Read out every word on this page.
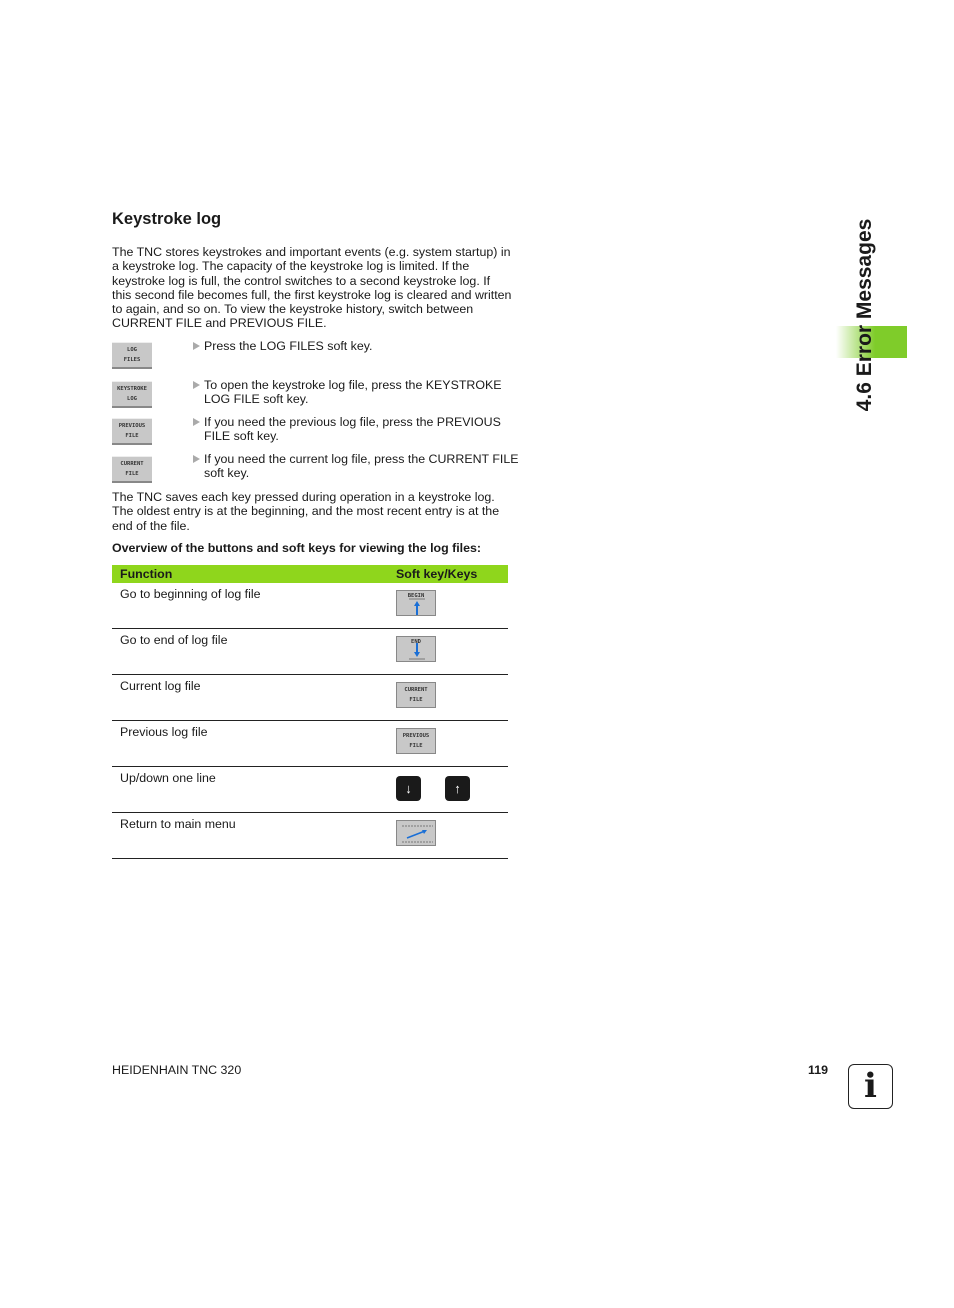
4.6 Error Messages
Keystroke log
The TNC stores keystrokes and important events (e.g. system startup) in a keystroke log. The capacity of the keystroke log is limited. If the keystroke log is full, the control switches to a second keystroke log. If this second file becomes full, the first keystroke log is cleared and written to again, and so on. To view the keystroke history, switch between CURRENT FILE and PREVIOUS FILE.
LOG
FILES
Press the LOG FILES soft key.
KEYSTROKE
LOG
To open the keystroke log file, press the KEYSTROKE LOG FILE soft key.
PREVIOUS
FILE
If you need the previous log file, press the PREVIOUS FILE soft key.
CURRENT
FILE
If you need the current log file, press the CURRENT FILE soft key.
The TNC saves each key pressed during operation in a keystroke log. The oldest entry is at the beginning, and the most recent entry is at the end of the file.
Overview of the buttons and soft keys for viewing the log files:
Function	Soft key/Keys
Go to beginning of log file	BEGIN

Go to end of log file	END

Current log file	CURRENT
FILE

Previous log file	PREVIOUS
FILE

Up/down one line	↓ ↑
Return to main menu	
HEIDENHAIN TNC 320	119	i
